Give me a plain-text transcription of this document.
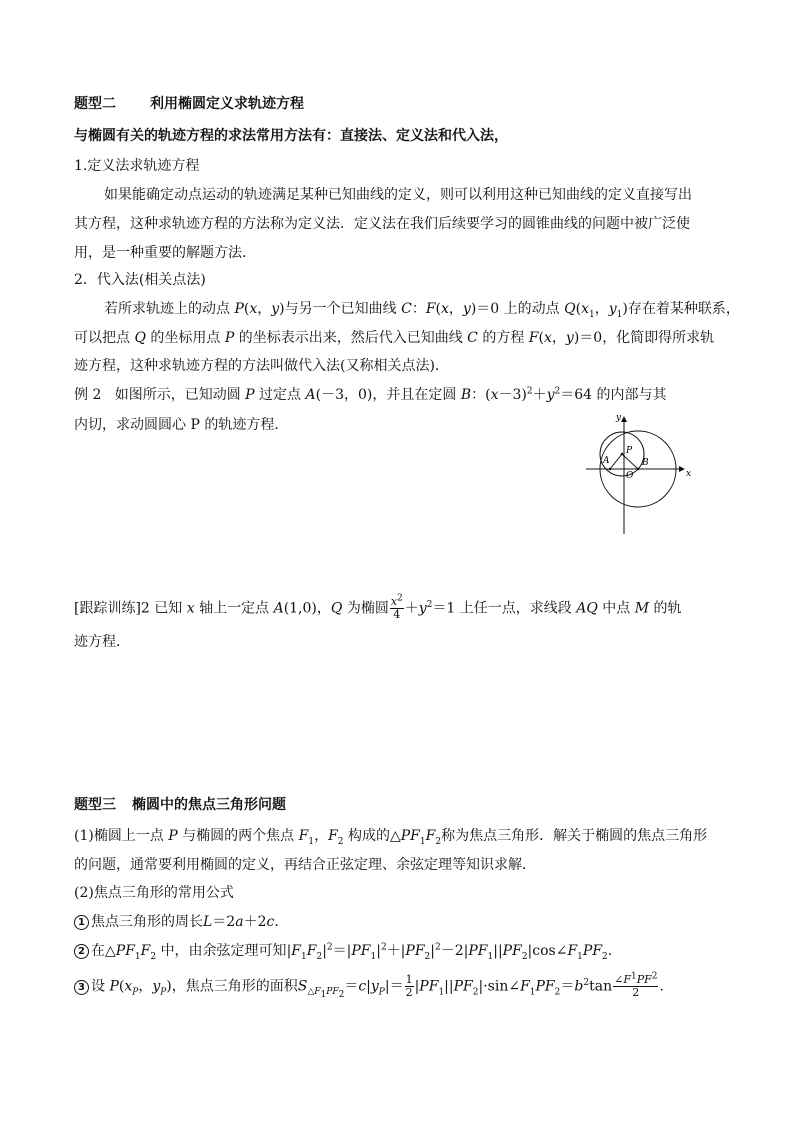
题型二 利用椭圆定义求轨迹方程
与椭圆有关的轨迹方程的求法常用方法有：直接法、定义法和代入法，
1.定义法求轨迹方程
如果能确定动点运动的轨迹满足某种已知曲线的定义，则可以利用这种已知曲线的定义直接写出
其方程，这种求轨迹方程的方法称为定义法．定义法在我们后续要学习的圆锥曲线的问题中被广泛使
用，是一种重要的解题方法．
2．代入法(相关点法)
若所求轨迹上的动点 P(x，y)与另一个已知曲线 C：F(x，y)＝0 上的动点 $Q(x_1$，$y_1$)存在着某种联系，
可以把点 Q 的坐标用点 P 的坐标表示出来，然后代入已知曲线 C 的方程 F(x，y)＝0，化简即得所求轨
迹方程，这种求轨迹方程的方法叫做代入法(又称相关点法)．
例 2 如图所示，已知动圆 P 过定点 A(－3，0)，并且在定圆 B：$(x-3)^2+y^2=64$ 的内部与其
内切，求动圆圆心 P 的轨迹方程．
x
y
A	B
O
P
[跟踪训练]2 已知 x 轴上一定点 A(1,0)，Q 为椭圆 $\frac{x^2}{4} +y^2=1$ 上任一点，求线段 AQ 中点 M 的轨
迹方程．
题型三 椭圆中的焦点三角形问题
(1)椭圆上一点 P 与椭圆的两个焦点 $F_1$，$F_2$ 构成的$\triangle PF_1F_2$称为焦点三角形．解关于椭圆的焦点三角形
的问题，通常要利用椭圆的定义，再结合正弦定理、余弦定理等知识求解．
(2)焦点三角形的常用公式
1 焦点三角形的周长L＝2a＋2c.
2 在$\triangle PF_1F_2$ 中，由余弦定理可知$|F_1F_2|^2=|PF_1|^2+|PF_2|^2-2|PF_1||PF_2|\cos\angle F_1PF_2$.
3 设 $P(x_P$，$y_P$)，焦点三角形的面积$S_{\triangle F_1PF_2}=c|y_P|= \frac{1}{2}$ $|PF_1||PF_2|\cdot\sin\angle F_1PF_2=b^2\tan \frac{\angle F^1PF^2}{2}$ .
